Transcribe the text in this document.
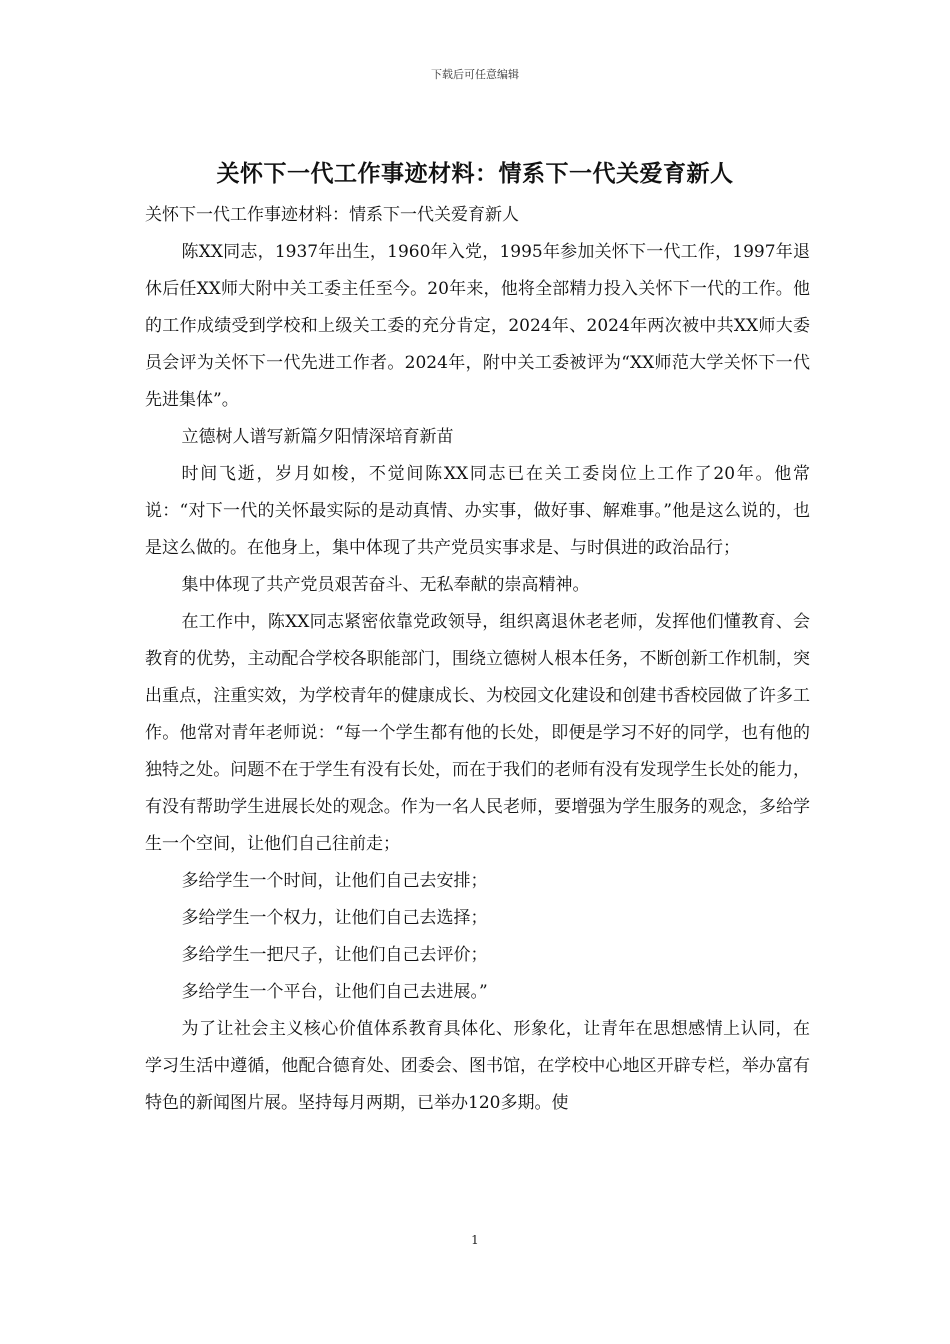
下载后可任意编辑
关怀下一代工作事迹材料：情系下一代关爱育新人

关怀下一代工作事迹材料：情系下一代关爱育新人

陈XX同志，1937年出生，1960年入党，1995年参加关怀下一代工作，1997年退休后任XX师大附中关工委主任至今。20年来，他将全部精力投入关怀下一代的工作。他的工作成绩受到学校和上级关工委的充分肯定，2024年、2024年两次被中共XX师大委员会评为关怀下一代先进工作者。2024年，附中关工委被评为“XX师范大学关怀下一代先进集体”。

立德树人谱写新篇夕阳情深培育新苗

时间飞逝，岁月如梭，不觉间陈XX同志已在关工委岗位上工作了20年。他常说：“对下一代的关怀最实际的是动真情、办实事，做好事、解难事。”他是这么说的，也是这么做的。在他身上，集中体现了共产党员实事求是、与时俱进的政治品行；

集中体现了共产党员艰苦奋斗、无私奉献的崇高精神。

在工作中，陈XX同志紧密依靠党政领导，组织离退休老老师，发挥他们懂教育、会教育的优势，主动配合学校各职能部门，围绕立德树人根本任务，不断创新工作机制，突出重点，注重实效，为学校青年的健康成长、为校园文化建设和创建书香校园做了许多工作。他常对青年老师说：“每一个学生都有他的长处，即便是学习不好的同学，也有他的独特之处。问题不在于学生有没有长处，而在于我们的老师有没有发现学生长处的能力，有没有帮助学生进展长处的观念。作为一名人民老师，要增强为学生服务的观念，多给学生一个空间，让他们自己往前走；

多给学生一个时间，让他们自己去安排；

多给学生一个权力，让他们自己去选择；

多给学生一把尺子，让他们自己去评价；

多给学生一个平台，让他们自己去进展。”

为了让社会主义核心价值体系教育具体化、形象化，让青年在思想感情上认同，在学习生活中遵循，他配合德育处、团委会、图书馆，在学校中心地区开辟专栏，举办富有特色的新闻图片展。坚持每月两期，已举办120多期。使

1
